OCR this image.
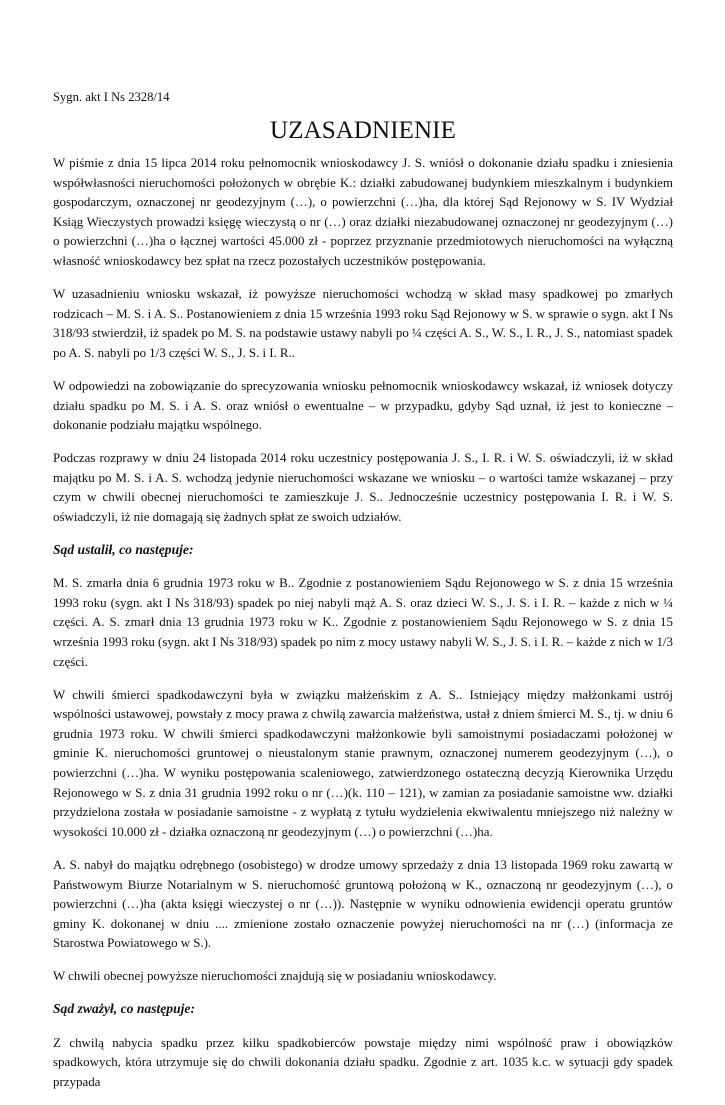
Sygn. akt I Ns 2328/14
UZASADNIENIE

W piśmie z dnia 15 lipca 2014 roku pełnomocnik wnioskodawcy J. S. wniósł o dokonanie działu spadku i zniesienia współwłasności nieruchomości położonych w obrębie K.: działki zabudowanej budynkiem mieszkalnym i budynkiem gospodarczym, oznaczonej nr geodezyjnym (…), o powierzchni (…)ha, dla której Sąd Rejonowy w S. IV Wydział Ksiąg Wieczystych prowadzi księgę wieczystą o nr (…) oraz działki niezabudowanej oznaczonej nr geodezyjnym (…) o powierzchni (…)ha o łącznej wartości 45.000 zł - poprzez przyznanie przedmiotowych nieruchomości na wyłączną własność wnioskodawcy bez spłat na rzecz pozostałych uczestników postępowania.

W uzasadnieniu wniosku wskazał, iż powyższe nieruchomości wchodzą w skład masy spadkowej po zmarłych rodzicach – M. S. i A. S.. Postanowieniem z dnia 15 września 1993 roku Sąd Rejonowy w S. w sprawie o sygn. akt I Ns 318/93 stwierdził, iż spadek po M. S. na podstawie ustawy nabyli po ¼ części A. S., W. S., I. R., J. S., natomiast spadek po A. S. nabyli po 1/3 części W. S., J. S. i I. R..

W odpowiedzi na zobowiązanie do sprecyzowania wniosku pełnomocnik wnioskodawcy wskazał, iż wniosek dotyczy działu spadku po M. S. i A. S. oraz wniósł o ewentualne – w przypadku, gdyby Sąd uznał, iż jest to konieczne – dokonanie podziału majątku wspólnego.

Podczas rozprawy w dniu 24 listopada 2014 roku uczestnicy postępowania J. S., I. R. i W. S. oświadczyli, iż w skład majątku po M. S. i A. S. wchodzą jedynie nieruchomości wskazane we wniosku – o wartości tamże wskazanej – przy czym w chwili obecnej nieruchomości te zamieszkuje J. S.. Jednocześnie uczestnicy postępowania I. R. i W. S. oświadczyli, iż nie domagają się żadnych spłat ze swoich udziałów.

Sąd ustalił, co następuje:

M. S. zmarła dnia 6 grudnia 1973 roku w B.. Zgodnie z postanowieniem Sądu Rejonowego w S. z dnia 15 września 1993 roku (sygn. akt I Ns 318/93) spadek po niej nabyli mąż A. S. oraz dzieci W. S., J. S. i I. R. – każde z nich w ¼ części. A. S. zmarł dnia 13 grudnia 1973 roku w K.. Zgodnie z postanowieniem Sądu Rejonowego w S. z dnia 15 września 1993 roku (sygn. akt I Ns 318/93) spadek po nim z mocy ustawy nabyli W. S., J. S. i I. R. – każde z nich w 1/3 części.

W chwili śmierci spadkodawczyni była w związku małżeńskim z A. S.. Istniejący między małżonkami ustrój wspólności ustawowej, powstały z mocy prawa z chwilą zawarcia małżeństwa, ustał z dniem śmierci M. S., tj. w dniu 6 grudnia 1973 roku. W chwili śmierci spadkodawczyni małżonkowie byli samoistnymi posiadaczami położonej w gminie K. nieruchomości gruntowej o nieustalonym stanie prawnym, oznaczonej numerem geodezyjnym (…), o powierzchni (…)ha. W wyniku postępowania scaleniowego, zatwierdzonego ostateczną decyzją Kierownika Urzędu Rejonowego w S. z dnia 31 grudnia 1992 roku o nr (…)(k. 110 – 121), w zamian za posiadanie samoistne ww. działki przydzielona została w posiadanie samoistne - z wypłatą z tytułu wydzielenia ekwiwalentu mniejszego niż należny w wysokości 10.000 zł - działka oznaczoną nr geodezyjnym (…) o powierzchni (…)ha.

A. S. nabył do majątku odrębnego (osobistego) w drodze umowy sprzedaży z dnia 13 listopada 1969 roku zawartą w Państwowym Biurze Notarialnym w S. nieruchomość gruntową położoną w K., oznaczoną nr geodezyjnym (…), o powierzchni (…)ha (akta księgi wieczystej o nr (…)). Następnie w wyniku odnowienia ewidencji operatu gruntów gminy K. dokonanej w dniu .... zmienione zostało oznaczenie powyżej nieruchomości na nr (…) (informacja ze Starostwa Powiatowego w S.).

W chwili obecnej powyższe nieruchomości znajdują się w posiadaniu wnioskodawcy.

Sąd zważył, co następuje:

Z chwilą nabycia spadku przez kilku spadkobierców powstaje między nimi wspólność praw i obowiązków spadkowych, która utrzymuje się do chwili dokonania działu spadku. Zgodnie z art. 1035 k.c. w sytuacji gdy spadek przypada
